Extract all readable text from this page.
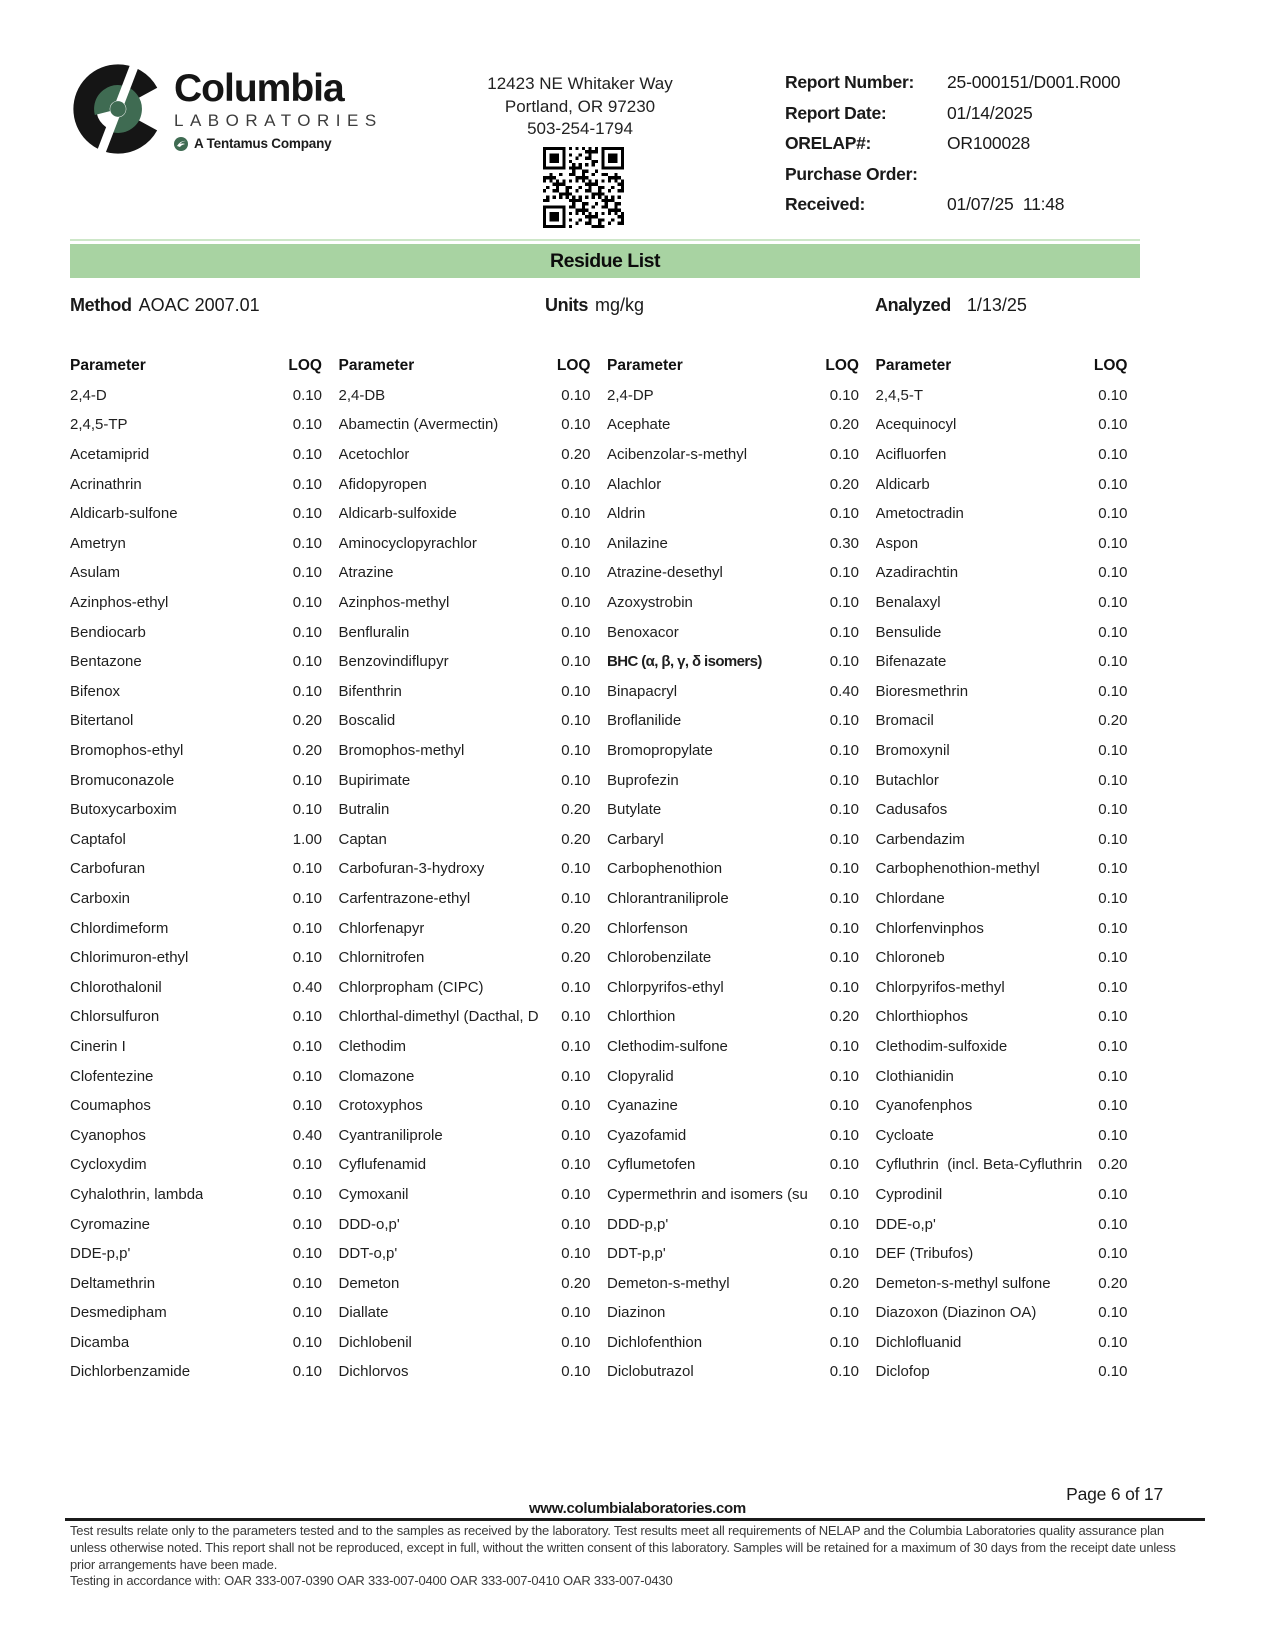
Columbia
LABORATORIES
A Tentamus Company
12423 NE Whitaker Way
Portland, OR 97230
503-254-1794
Report Number:	25-000151/D001.R000
Report Date:	01/14/2025
ORELAP#:	OR100028
Purchase Order:
Received:	01/07/25  11:48
Residue List
Method AOAC 2007.01	Units mg/kg	Analyzed 1/13/25
Parameter	LOQ Parameter	LOQ Parameter	LOQ Parameter	LOQ
2,4-D	0.10 2,4-DB	0.10 2,4-DP	0.10 2,4,5-T	0.10
2,4,5-TP	0.10 Abamectin (Avermectin)	0.10 Acephate	0.20 Acequinocyl	0.10
Acetamiprid	0.10 Acetochlor	0.20 Acibenzolar-s-methyl	0.10 Acifluorfen	0.10
Acrinathrin	0.10 Afidopyropen	0.10 Alachlor	0.20 Aldicarb	0.10
Aldicarb-sulfone	0.10 Aldicarb-sulfoxide	0.10 Aldrin	0.10 Ametoctradin	0.10
Ametryn	0.10 Aminocyclopyrachlor	0.10 Anilazine	0.30 Aspon	0.10
Asulam	0.10 Atrazine	0.10 Atrazine-desethyl	0.10 Azadirachtin	0.10
Azinphos-ethyl	0.10 Azinphos-methyl	0.10 Azoxystrobin	0.10 Benalaxyl	0.10
Bendiocarb	0.10 Benfluralin	0.10 Benoxacor	0.10 Bensulide	0.10
Bentazone	0.10 Benzovindiflupyr	0.10 BHC (α, β, γ, δ isomers)	0.10 Bifenazate	0.10
Bifenox	0.10 Bifenthrin	0.10 Binapacryl	0.40 Bioresmethrin	0.10
Bitertanol	0.20 Boscalid	0.10 Broflanilide	0.10 Bromacil	0.20
Bromophos-ethyl	0.20 Bromophos-methyl	0.10 Bromopropylate	0.10 Bromoxynil	0.10
Bromuconazole	0.10 Bupirimate	0.10 Buprofezin	0.10 Butachlor	0.10
Butoxycarboxim	0.10 Butralin	0.20 Butylate	0.10 Cadusafos	0.10
Captafol	1.00 Captan	0.20 Carbaryl	0.10 Carbendazim	0.10
Carbofuran	0.10 Carbofuran-3-hydroxy	0.10 Carbophenothion	0.10 Carbophenothion-methyl	0.10
Carboxin	0.10 Carfentrazone-ethyl	0.10 Chlorantraniliprole	0.10 Chlordane	0.10
Chlordimeform	0.10 Chlorfenapyr	0.20 Chlorfenson	0.10 Chlorfenvinphos	0.10
Chlorimuron-ethyl	0.10 Chlornitrofen	0.20 Chlorobenzilate	0.10 Chloroneb	0.10
Chlorothalonil	0.40 Chlorpropham (CIPC)	0.10 Chlorpyrifos-ethyl	0.10 Chlorpyrifos-methyl	0.10
Chlorsulfuron	0.10 Chlorthal-dimethyl (Dacthal, D	0.10 Chlorthion	0.20 Chlorthiophos	0.10
Cinerin I	0.10 Clethodim	0.10 Clethodim-sulfone	0.10 Clethodim-sulfoxide	0.10
Clofentezine	0.10 Clomazone	0.10 Clopyralid	0.10 Clothianidin	0.10
Coumaphos	0.10 Crotoxyphos	0.10 Cyanazine	0.10 Cyanofenphos	0.10
Cyanophos	0.40 Cyantraniliprole	0.10 Cyazofamid	0.10 Cycloate	0.10
Cycloxydim	0.10 Cyflufenamid	0.10 Cyflumetofen	0.10 Cyfluthrin  (incl. Beta-Cyfluthrin	0.20
Cyhalothrin, lambda	0.10 Cymoxanil	0.10 Cypermethrin and isomers (su	0.10 Cyprodinil	0.10
Cyromazine	0.10 DDD-o,p'	0.10 DDD-p,p'	0.10 DDE-o,p'	0.10
DDE-p,p'	0.10 DDT-o,p'	0.10 DDT-p,p'	0.10 DEF (Tribufos)	0.10
Deltamethrin	0.10 Demeton	0.20 Demeton-s-methyl	0.20 Demeton-s-methyl sulfone	0.20
Desmedipham	0.10 Diallate	0.10 Diazinon	0.10 Diazoxon (Diazinon OA)	0.10
Dicamba	0.10 Dichlobenil	0.10 Dichlofenthion	0.10 Dichlofluanid	0.10
Dichlorbenzamide	0.10 Dichlorvos	0.10 Diclobutrazol	0.10 Diclofop	0.10
Page 6 of 17
www.columbialaboratories.com
Test results relate only to the parameters tested and to the samples as received by the laboratory. Test results meet all requirements of NELAP and the Columbia Laboratories quality assurance plan
unless otherwise noted. This report shall not be reproduced, except in full, without the written consent of this laboratory. Samples will be retained for a maximum of 30 days from the receipt date unless
prior arrangements have been made.
Testing in accordance with: OAR 333-007-0390 OAR 333-007-0400 OAR 333-007-0410 OAR 333-007-0430
